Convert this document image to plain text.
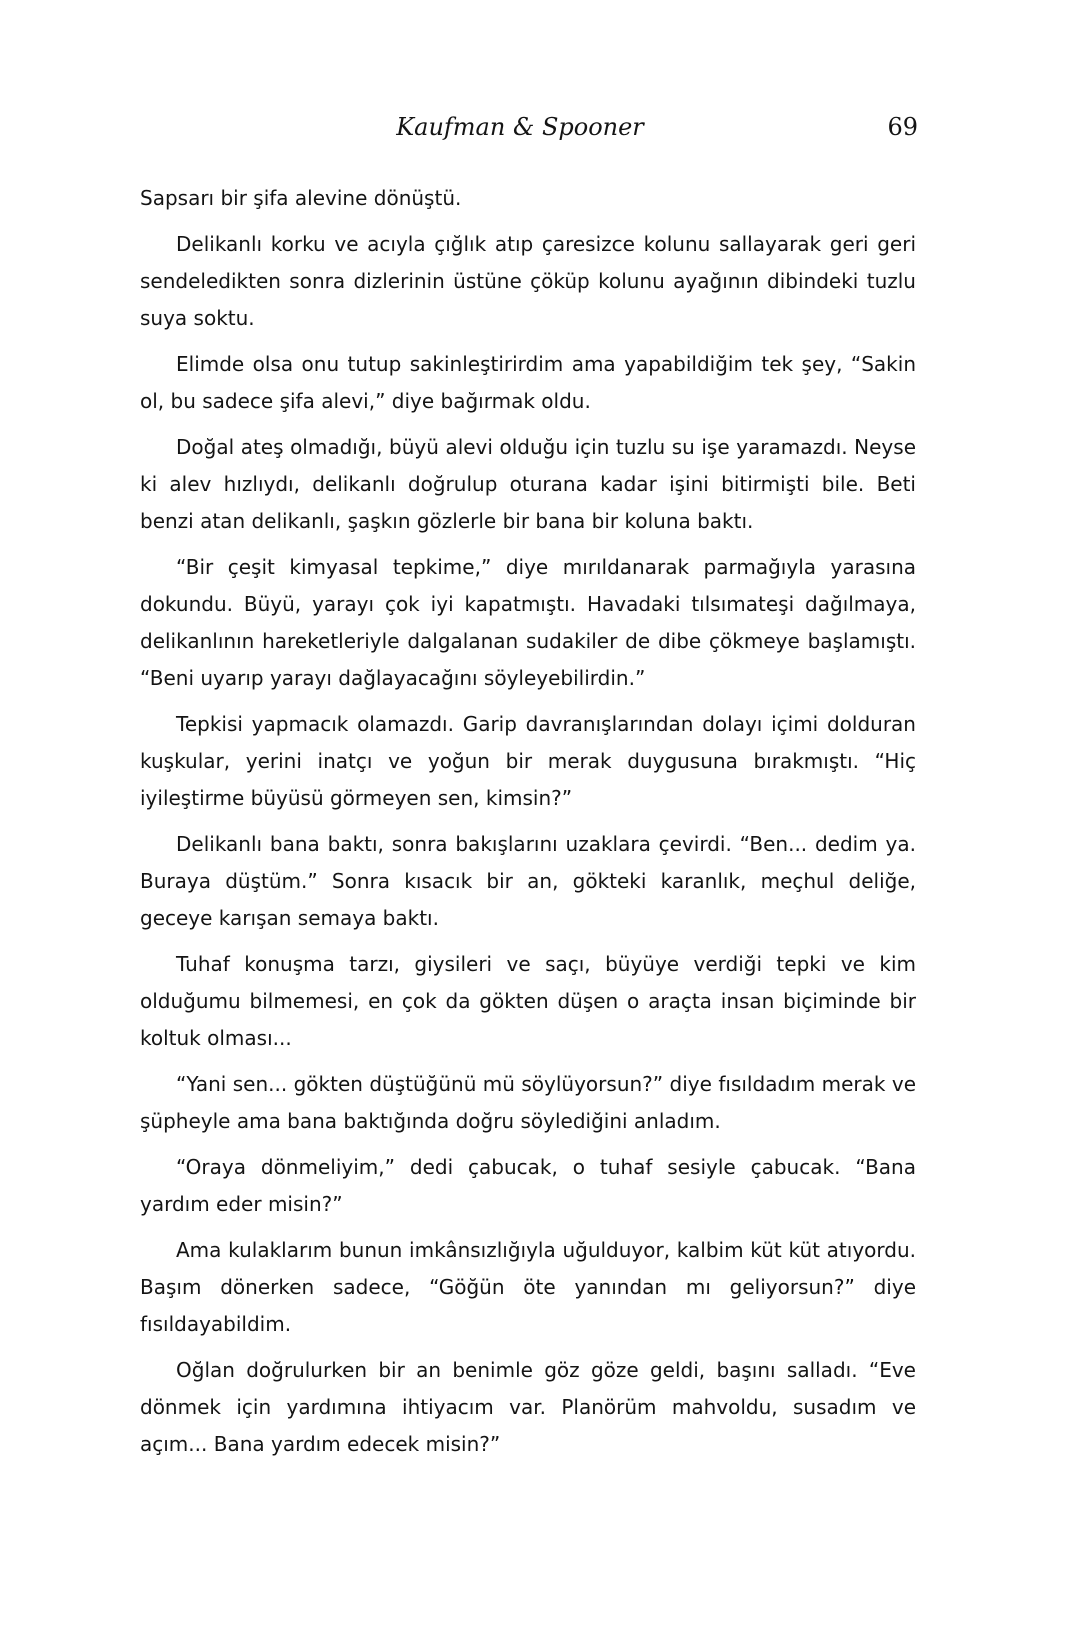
Kaufman & Spooner	69

Sapsarı bir şifa alevine dönüştü.

Delikanlı korku ve acıyla çığlık atıp çaresizce kolunu sallayarak geri geri sendeledikten sonra dizlerinin üstüne çöküp kolunu ayağının dibindeki tuzlu suya soktu.

Elimde olsa onu tutup sakinleştirirdim ama yapabildiğim tek şey, “Sakin ol, bu sadece şifa alevi,” diye bağırmak oldu.

Doğal ateş olmadığı, büyü alevi olduğu için tuzlu su işe yaramazdı. Neyse ki alev hızlıydı, delikanlı doğrulup oturana kadar işini bitirmişti bile. Beti benzi atan delikanlı, şaşkın gözlerle bir bana bir koluna baktı.

“Bir çeşit kimyasal tepkime,” diye mırıldanarak parmağıyla yarasına dokundu. Büyü, yarayı çok iyi kapatmıştı. Havadaki tılsımateşi dağılmaya, delikanlının hareketleriyle dalgalanan sudakiler de dibe çökmeye başlamıştı. “Beni uyarıp yarayı dağlayacağını söyleyebilirdin.”

Tepkisi yapmacık olamazdı. Garip davranışlarından dolayı içimi dolduran kuşkular, yerini inatçı ve yoğun bir merak duygusuna bırakmıştı. “Hiç iyileştirme büyüsü görmeyen sen, kimsin?”

Delikanlı bana baktı, sonra bakışlarını uzaklara çevirdi. “Ben... dedim ya. Buraya düştüm.” Sonra kısacık bir an, gökteki karanlık, meçhul deliğe, geceye karışan semaya baktı.

Tuhaf konuşma tarzı, giysileri ve saçı, büyüye verdiği tepki ve kim olduğumu bilmemesi, en çok da gökten düşen o araçta insan biçiminde bir koltuk olması...

“Yani sen... gökten düştüğünü mü söylüyorsun?” diye fısıldadım merak ve şüpheyle ama bana baktığında doğru söylediğini anladım.

“Oraya dönmeliyim,” dedi çabucak, o tuhaf sesiyle çabucak. “Bana yardım eder misin?”

Ama kulaklarım bunun imkânsızlığıyla uğulduyor, kalbim küt küt atıyordu. Başım dönerken sadece, “Göğün öte yanından mı geliyorsun?” diye fısıldayabildim.

Oğlan doğrulurken bir an benimle göz göze geldi, başını salladı. “Eve dönmek için yardımına ihtiyacım var. Planörüm mahvoldu, susadım ve açım... Bana yardım edecek misin?”
